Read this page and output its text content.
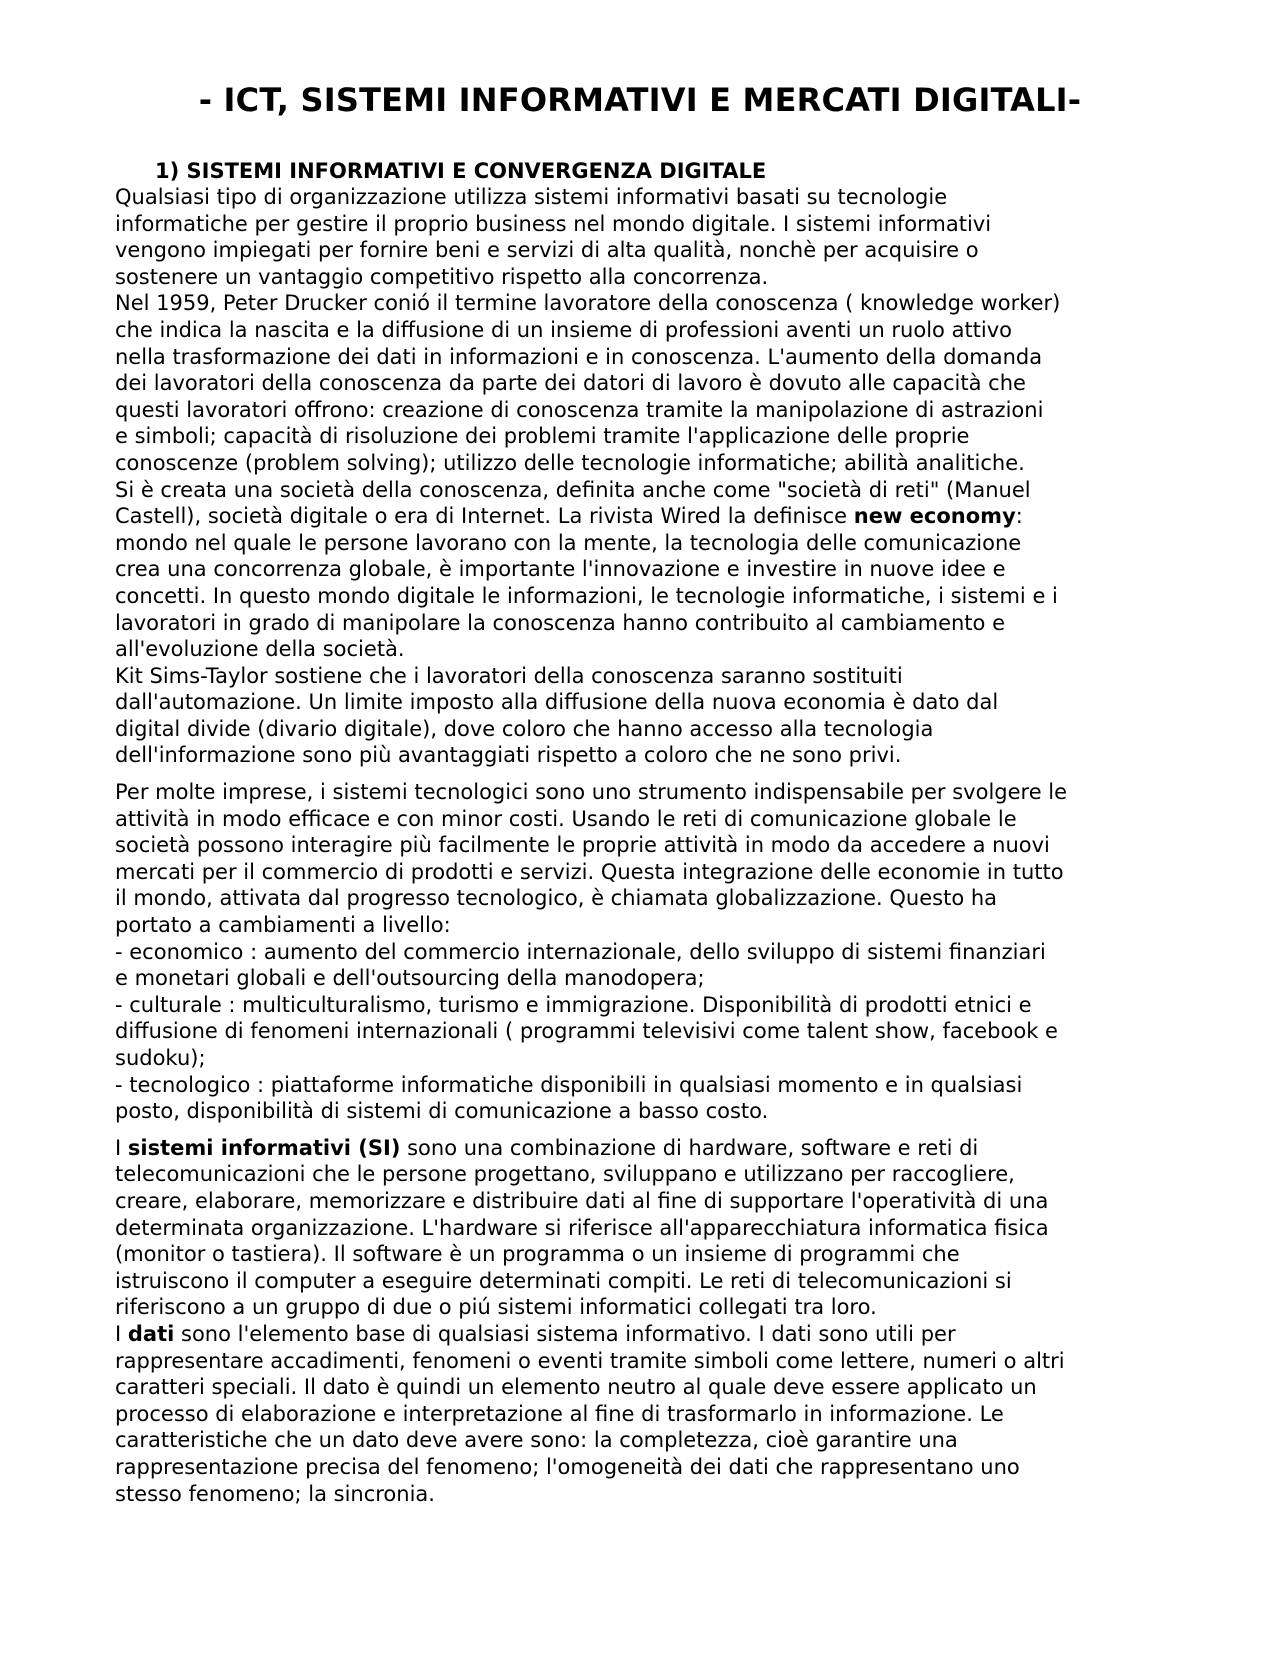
- ICT, SISTEMI INFORMATIVI E MERCATI DIGITALI-
1) SISTEMI INFORMATIVI E CONVERGENZA DIGITALE

Qualsiasi tipo di organizzazione utilizza sistemi informativi basati su tecnologie
informatiche per gestire il proprio business nel mondo digitale. I sistemi informativi
vengono impiegati per fornire beni e servizi di alta qualità, nonchè per acquisire o
sostenere un vantaggio competitivo rispetto alla concorrenza.

Nel 1959, Peter Drucker conió il termine lavoratore della conoscenza ( knowledge worker)
che indica la nascita e la diffusione di un insieme di professioni aventi un ruolo attivo
nella trasformazione dei dati in informazioni e in conoscenza. L'aumento della domanda
dei lavoratori della conoscenza da parte dei datori di lavoro è dovuto alle capacità che
questi lavoratori offrono: creazione di conoscenza tramite la manipolazione di astrazioni
e simboli; capacità di risoluzione dei problemi tramite l'applicazione delle proprie
conoscenze (problem solving); utilizzo delle tecnologie informatiche; abilità analitiche.

Si è creata una società della conoscenza, definita anche come "società di reti" (Manuel
Castell), società digitale o era di Internet. La rivista Wired la definisce new economy:
mondo nel quale le persone lavorano con la mente, la tecnologia delle comunicazione
crea una concorrenza globale, è importante l'innovazione e investire in nuove idee e
concetti. In questo mondo digitale le informazioni, le tecnologie informatiche, i sistemi e i
lavoratori in grado di manipolare la conoscenza hanno contribuito al cambiamento e
all'evoluzione della società.

Kit Sims-Taylor sostiene che i lavoratori della conoscenza saranno sostituiti
dall'automazione. Un limite imposto alla diffusione della nuova economia è dato dal
digital divide (divario digitale), dove coloro che hanno accesso alla tecnologia
dell'informazione sono più avantaggiati rispetto a coloro che ne sono privi.

Per molte imprese, i sistemi tecnologici sono uno strumento indispensabile per svolgere le
attività in modo efficace e con minor costi. Usando le reti di comunicazione globale le
società possono interagire più facilmente le proprie attività in modo da accedere a nuovi
mercati per il commercio di prodotti e servizi. Questa integrazione delle economie in tutto
il mondo, attivata dal progresso tecnologico, è chiamata globalizzazione. Questo ha
portato a cambiamenti a livello:

- economico : aumento del commercio internazionale, dello sviluppo di sistemi finanziari
e monetari globali e dell'outsourcing della manodopera;

- culturale : multiculturalismo, turismo e immigrazione. Disponibilità di prodotti etnici e
diffusione di fenomeni internazionali ( programmi televisivi come talent show, facebook e
sudoku);

- tecnologico : piattaforme informatiche disponibili in qualsiasi momento e in qualsiasi
posto, disponibilità di sistemi di comunicazione a basso costo.

I sistemi informativi (SI) sono una combinazione di hardware, software e reti di
telecomunicazioni che le persone progettano, sviluppano e utilizzano per raccogliere,
creare, elaborare, memorizzare e distribuire dati al fine di supportare l'operatività di una
determinata organizzazione. L'hardware si riferisce all'apparecchiatura informatica fisica
(monitor o tastiera). Il software è un programma o un insieme di programmi che
istruiscono il computer a eseguire determinati compiti. Le reti di telecomunicazioni si
riferiscono a un gruppo di due o piú sistemi informatici collegati tra loro.

I dati sono l'elemento base di qualsiasi sistema informativo. I dati sono utili per
rappresentare accadimenti, fenomeni o eventi tramite simboli come lettere, numeri o altri
caratteri speciali. Il dato è quindi un elemento neutro al quale deve essere applicato un
processo di elaborazione e interpretazione al fine di trasformarlo in informazione. Le
caratteristiche che un dato deve avere sono: la completezza, cioè garantire una
rappresentazione precisa del fenomeno; l'omogeneità dei dati che rappresentano uno
stesso fenomeno; la sincronia.
